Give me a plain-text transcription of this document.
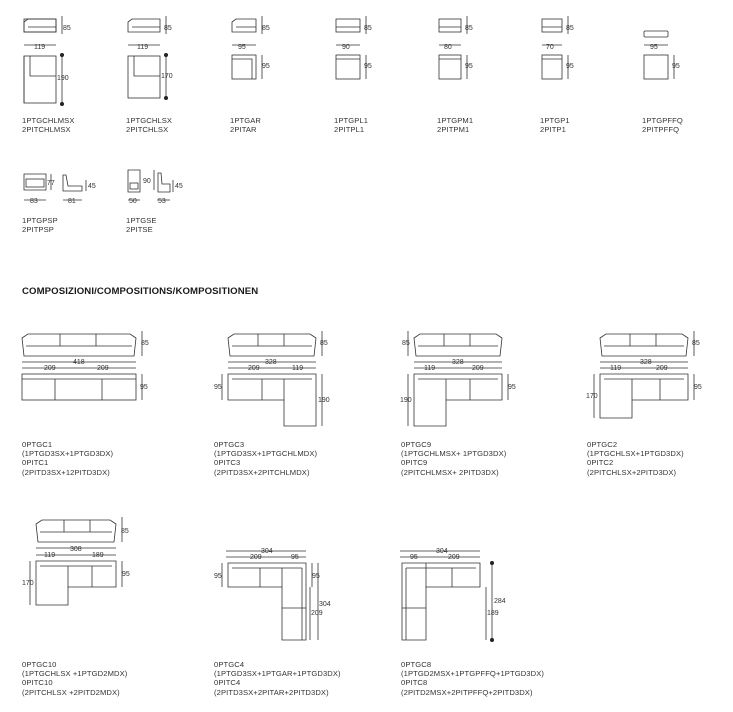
1PTGCHLMSX
2PITCHLMSX
1PTGCHLSX
2PITCHLSX
1PTGAR
2PITAR
1PTGPL1
2PITPL1
1PTGPM1
2PITPM1
1PTGP1
2PITP1
1PTGPFFQ
2PITPFFQ
1PTGPSP
2PITPSP
1PTGSE
2PITSE
COMPOSIZIONI/COMPOSITIONS/KOMPOSITIONEN
0PTGC1
(1PTGD3SX+1PTGD3DX)
0PITC1
(2PITD3SX+12PITD3DX)
0PTGC3
(1PTGD3SX+1PTGCHLMDX)
0PITC3
(2PITD3SX+2PITCHLMDX)
0PTGC9
(1PTGCHLMSX+ 1PTGD3DX)
0PITC9
(2PITCHLMSX+ 2PITD3DX)
0PTGC2
(1PTGCHLSX+1PTGD3DX)
0PITC2
(2PITCHLSX+2PITD3DX)
0PTGC10
(1PTGCHLSX +1PTGD2MDX)
0PITC10
(2PITCHLSX +2PITD2MDX)
0PTGC4
(1PTGD3SX+1PTGAR+1PTGD3DX)
0PITC4
(2PITD3SX+2PITAR+2PITD3DX)
0PTGC8
(1PTGD2MSX+1PTGPFFQ+1PTGD3DX)
0PITC8
(2PITD2MSX+2PITPFFQ+2PITD3DX)
85
119
190
85
119
170
85
95
95
85
90
95
85
80
95
85
70
95
95
95
77
83
45
81
90
50
45
53
85
418
209	209
95
85
328
209	119
95
190
85
328
119	209
95
190
85
328
119	209
95
170
85
308
119	189
95
170
304
209	95
95	95
304
209
304
95	209
284
189
